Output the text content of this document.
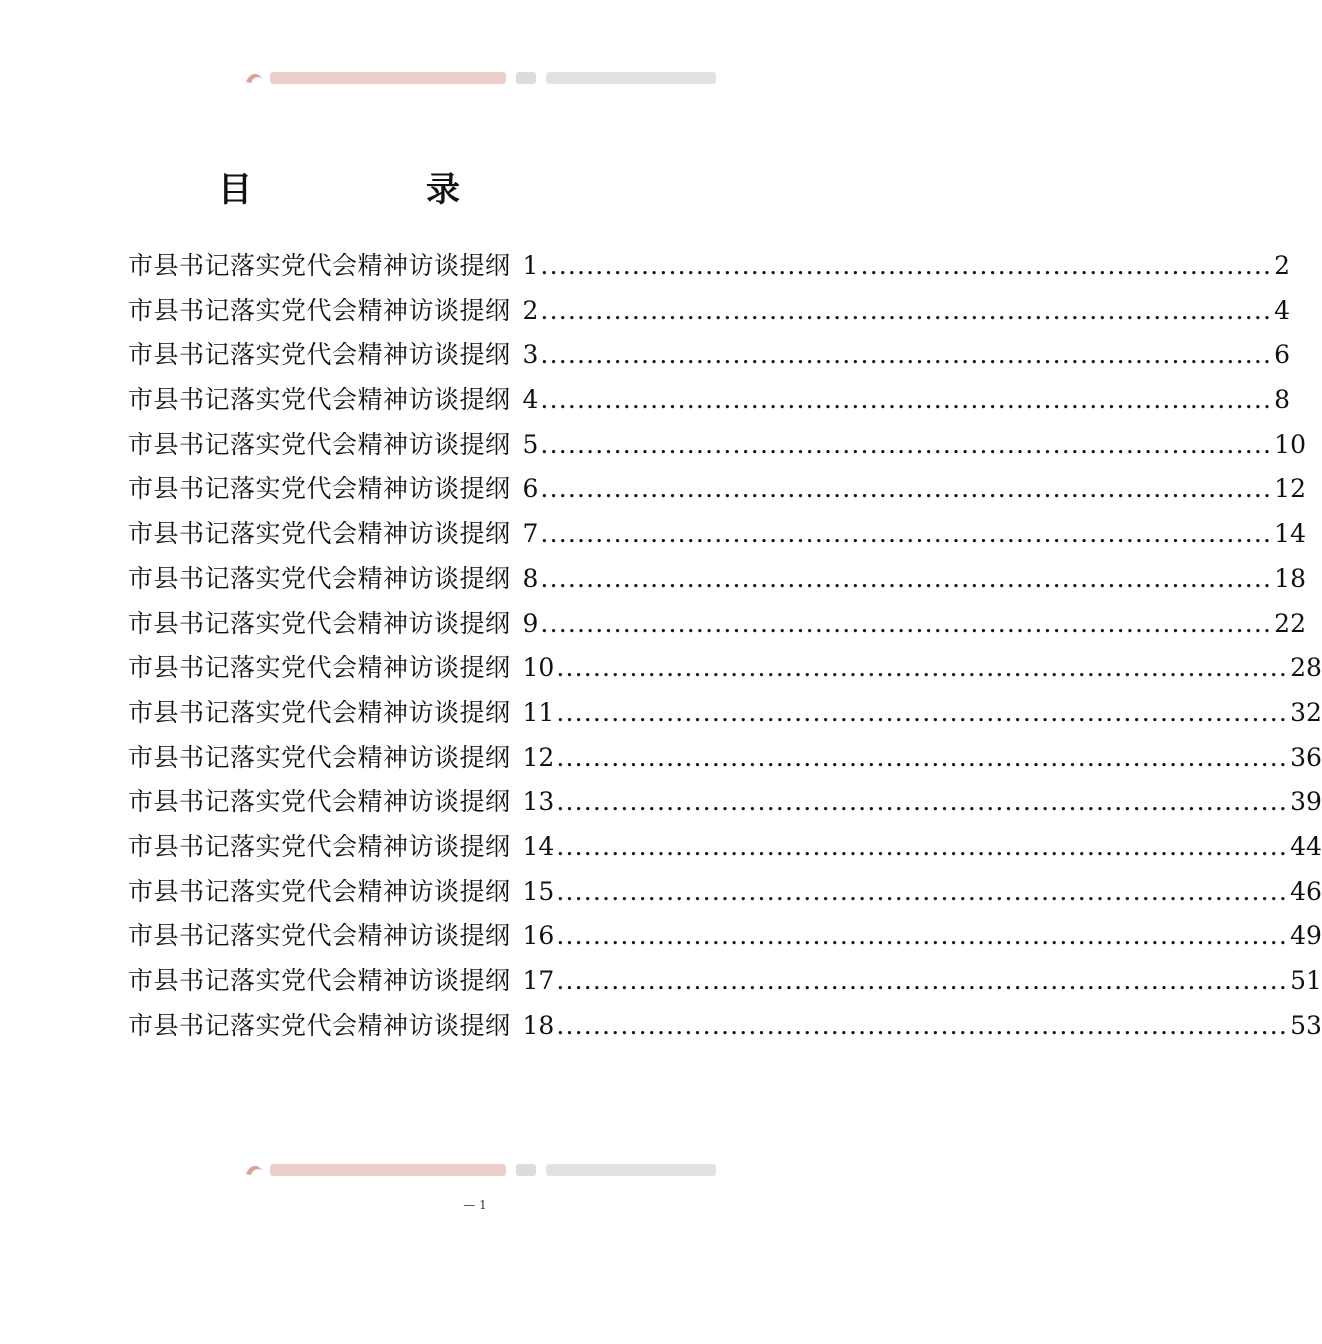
目	录
市县书记落实党代会精神访谈提纲 1 ................................................................................ 2
市县书记落实党代会精神访谈提纲 2 ................................................................................ 4
市县书记落实党代会精神访谈提纲 3 ................................................................................ 6
市县书记落实党代会精神访谈提纲 4 ................................................................................ 8
市县书记落实党代会精神访谈提纲 5 ................................................................................ 10
市县书记落实党代会精神访谈提纲 6 ................................................................................ 12
市县书记落实党代会精神访谈提纲 7 ................................................................................ 14
市县书记落实党代会精神访谈提纲 8 ................................................................................ 18
市县书记落实党代会精神访谈提纲 9 ................................................................................ 22
市县书记落实党代会精神访谈提纲 10 ................................................................................ 28
市县书记落实党代会精神访谈提纲 11 ................................................................................ 32
市县书记落实党代会精神访谈提纲 12 ................................................................................ 36
市县书记落实党代会精神访谈提纲 13 ................................................................................ 39
市县书记落实党代会精神访谈提纲 14 ................................................................................ 44
市县书记落实党代会精神访谈提纲 15 ................................................................................ 46
市县书记落实党代会精神访谈提纲 16 ................................................................................ 49
市县书记落实党代会精神访谈提纲 17 ................................................................................ 51
市县书记落实党代会精神访谈提纲 18 ................................................................................ 53
— 1
